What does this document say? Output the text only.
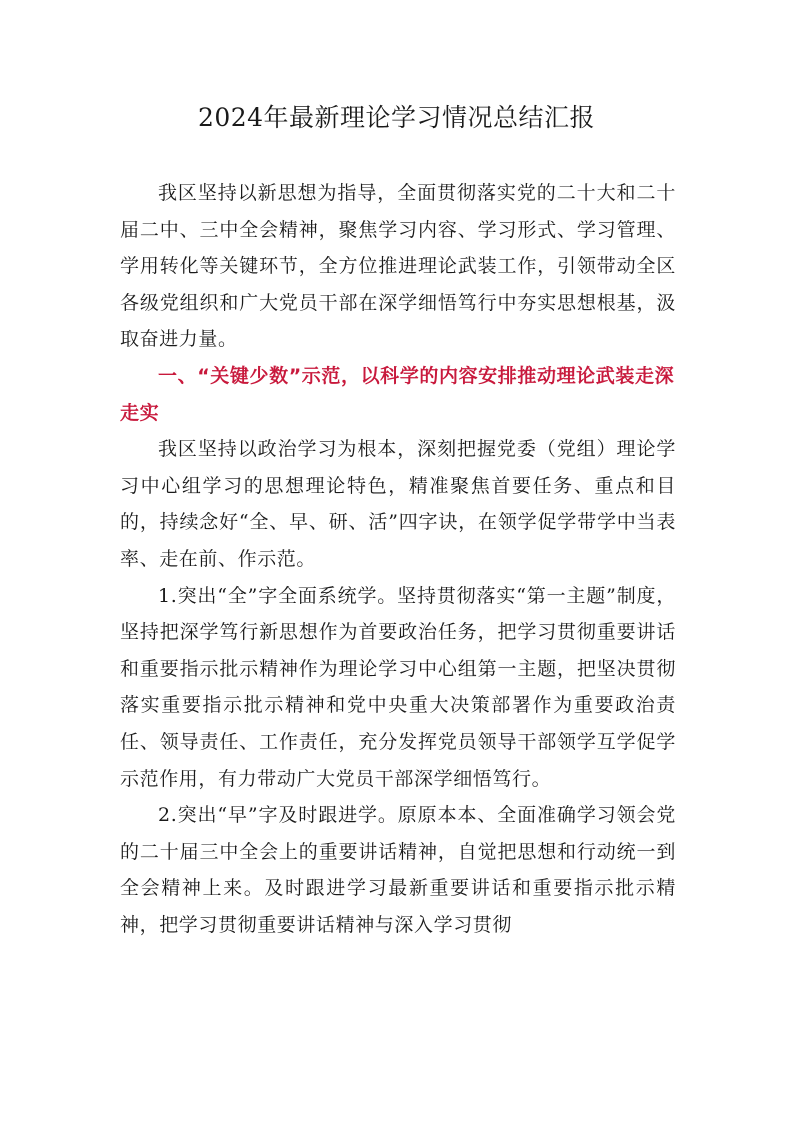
2024年最新理论学习情况总结汇报

我区坚持以新思想为指导，全面贯彻落实党的二十大和二十届二中、三中全会精神，聚焦学习内容、学习形式、学习管理、学用转化等关键环节，全方位推进理论武装工作，引领带动全区各级党组织和广大党员干部在深学细悟笃行中夯实思想根基，汲取奋进力量。

一、“关键少数”示范，以科学的内容安排推动理论武装走深走实

我区坚持以政治学习为根本，深刻把握党委（党组）理论学习中心组学习的思想理论特色，精准聚焦首要任务、重点和目的，持续念好“全、早、研、活”四字诀，在领学促学带学中当表率、走在前、作示范。

1.突出“全”字全面系统学。坚持贯彻落实“第一主题”制度，坚持把深学笃行新思想作为首要政治任务，把学习贯彻重要讲话和重要指示批示精神作为理论学习中心组第一主题，把坚决贯彻落实重要指示批示精神和党中央重大决策部署作为重要政治责任、领导责任、工作责任，充分发挥党员领导干部领学互学促学示范作用，有力带动广大党员干部深学细悟笃行。

2.突出“早”字及时跟进学。原原本本、全面准确学习领会党的二十届三中全会上的重要讲话精神，自觉把思想和行动统一到全会精神上来。及时跟进学习最新重要讲话和重要指示批示精神，把学习贯彻重要讲话精神与深入学习贯彻
